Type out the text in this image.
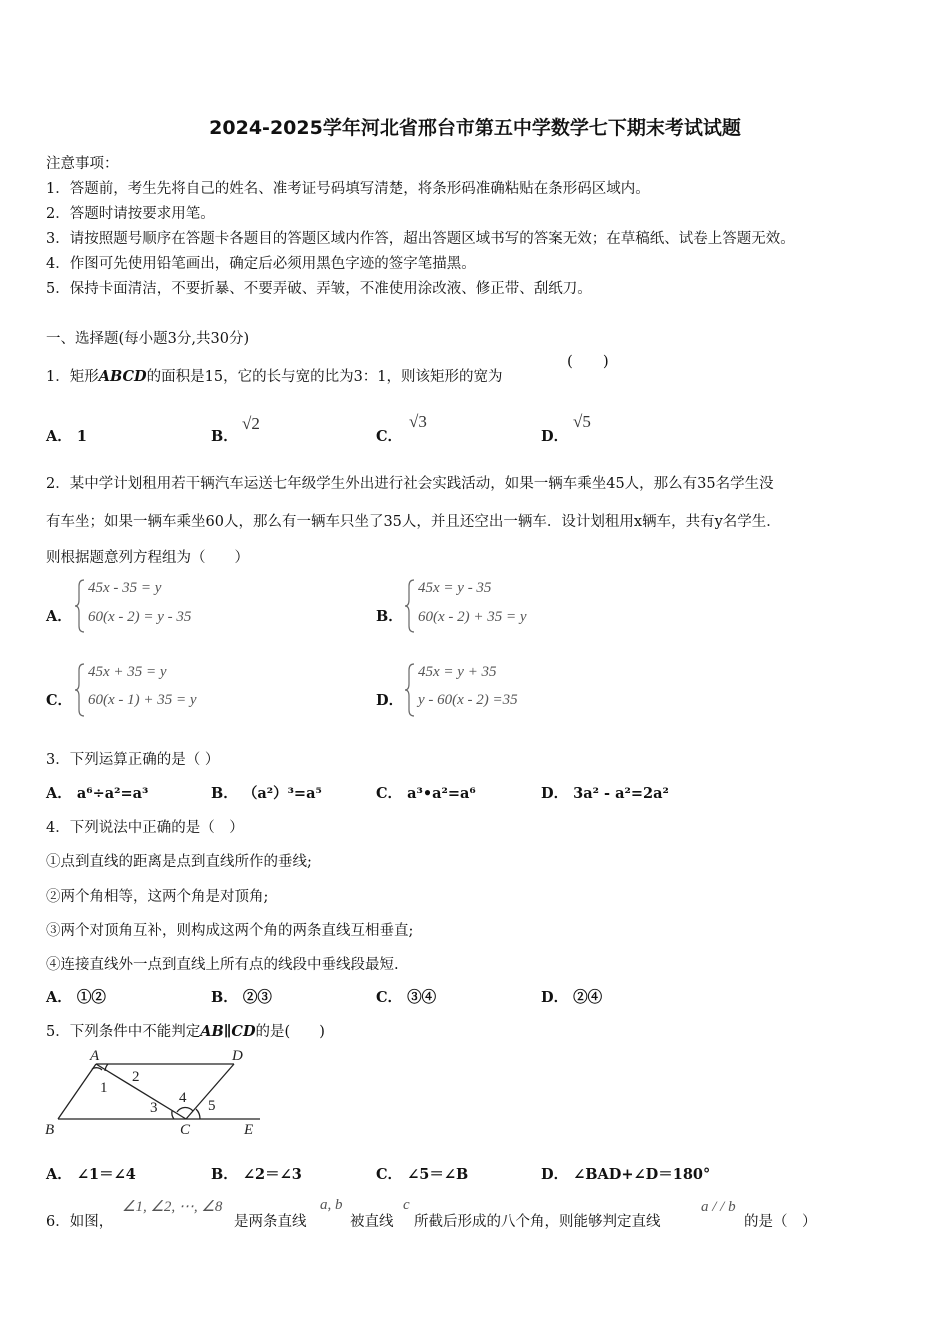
2024-2025学年河北省邢台市第五中学数学七下期末考试试题
注意事项：
1．答题前，考生先将自己的姓名、准考证号码填写清楚，将条形码准确粘贴在条形码区域内。
2．答题时请按要求用笔。
3．请按照题号顺序在答题卡各题目的答题区域内作答，超出答题区域书写的答案无效；在草稿纸、试卷上答题无效。
4．作图可先使用铅笔画出，确定后必须用黑色字迹的签字笔描黑。
5．保持卡面清洁，不要折暴、不要弄破、弄皱，不准使用涂改液、修正带、刮纸刀。
一、选择题(每小题3分,共30分)
1．矩形ABCD的面积是15，它的长与宽的比为3：1，则该矩形的宽为
(　　)
A． 1	B．
√2
C．
√3
D．
√5
2．某中学计划租用若干辆汽车运送七年级学生外出进行社会实践活动，如果一辆车乘坐45人，那么有35名学生没
有车坐；如果一辆车乘坐60人，那么有一辆车只坐了35人，并且还空出一辆车．设计划租用x辆车，共有y名学生．
则根据题意列方程组为（　　）
A．
45x - 35 = y
60(x - 2) = y - 35	B．
45x = y - 35
60(x - 2) + 35 = y
C．
45x + 35 = y
60(x - 1) + 35 = y	D．
45x = y + 35
y - 60(x - 2) =35
3．下列运算正确的是（ ）
A． a⁶÷a²=a³	B． （a²）³=a⁵	C． a³•a²=a⁶	D． 3a² - a²=2a²
4．下列说法中正确的是（　）
①点到直线的距离是点到直线所作的垂线;
②两个角相等，这两个角是对顶角;
③两个对顶角互补，则构成这两个角的两条直线互相垂直;
④连接直线外一点到直线上所有点的线段中垂线段最短.
A． ①②	B． ②③	C． ③④	D． ②④
5．下列条件中不能判定AB∥CD的是(　　)
A	D
B	C	E
1
2
3
4 5
A． ∠1＝∠4	B． ∠2＝∠3	C． ∠5＝∠B	D． ∠BAD+∠D＝180°
6．如图，
∠1, ∠2, ⋯, ∠8
是两条直线
a, b
被直线
c
所截后形成的八个角，则能够判定直线
a / / b
的是（　）
